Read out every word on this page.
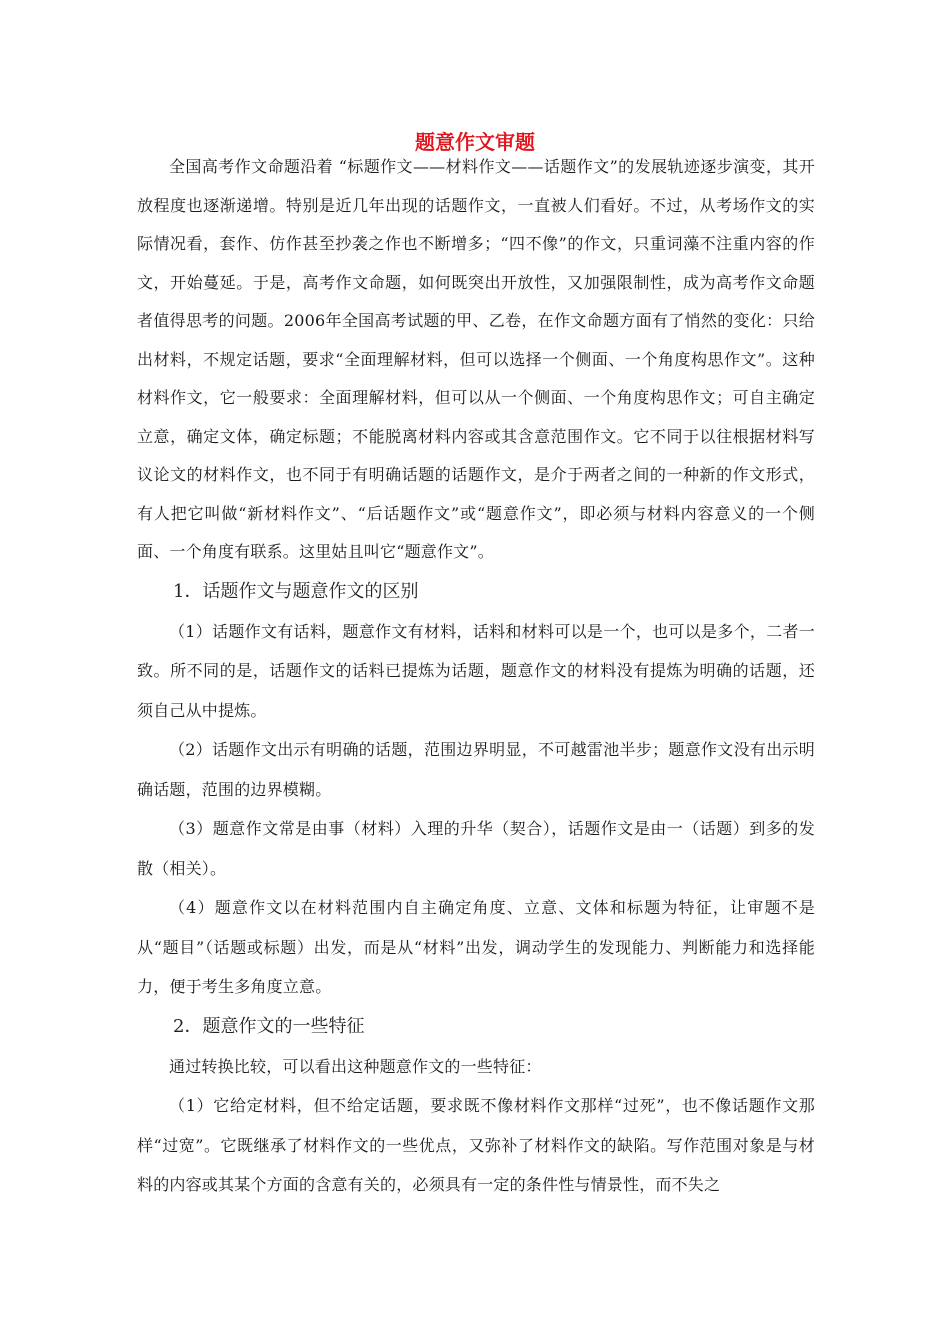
题意作文审题

全国高考作文命题沿着 “标题作文——材料作文——话题作文”的发展轨迹逐步演变，其开放程度也逐渐递增。特别是近几年出现的话题作文，一直被人们看好。不过，从考场作文的实际情况看，套作、仿作甚至抄袭之作也不断增多；“四不像”的作文，只重词藻不注重内容的作文，开始蔓延。于是，高考作文命题，如何既突出开放性，又加强限制性，成为高考作文命题者值得思考的问题。2006年全国高考试题的甲、乙卷，在作文命题方面有了悄然的变化：只给出材料，不规定话题，要求“全面理解材料，但可以选择一个侧面、一个角度构思作文”。这种材料作文，它一般要求：全面理解材料，但可以从一个侧面、一个角度构思作文；可自主确定立意，确定文体，确定标题；不能脱离材料内容或其含意范围作文。它不同于以往根据材料写议论文的材料作文，也不同于有明确话题的话题作文，是介于两者之间的一种新的作文形式，有人把它叫做“新材料作文”、“后话题作文”或“题意作文”，即必须与材料内容意义的一个侧面、一个角度有联系。这里姑且叫它“题意作文”。

1．话题作文与题意作文的区别

（1）话题作文有话料，题意作文有材料，话料和材料可以是一个，也可以是多个，二者一致。所不同的是，话题作文的话料已提炼为话题，题意作文的材料没有提炼为明确的话题，还须自己从中提炼。

（2）话题作文出示有明确的话题，范围边界明显，不可越雷池半步；题意作文没有出示明确话题，范围的边界模糊。

（3）题意作文常是由事（材料）入理的升华（契合），话题作文是由一（话题）到多的发散（相关）。

（4）题意作文以在材料范围内自主确定角度、立意、文体和标题为特征，让审题不是从“题目”（话题或标题）出发，而是从“材料”出发，调动学生的发现能力、判断能力和选择能力，便于考生多角度立意。

2．题意作文的一些特征

通过转换比较，可以看出这种题意作文的一些特征：

（1）它给定材料，但不给定话题，要求既不像材料作文那样“过死”，也不像话题作文那样“过宽”。它既继承了材料作文的一些优点，又弥补了材料作文的缺陷。写作范围对象是与材料的内容或其某个方面的含意有关的，必须具有一定的条件性与情景性，而不失之
